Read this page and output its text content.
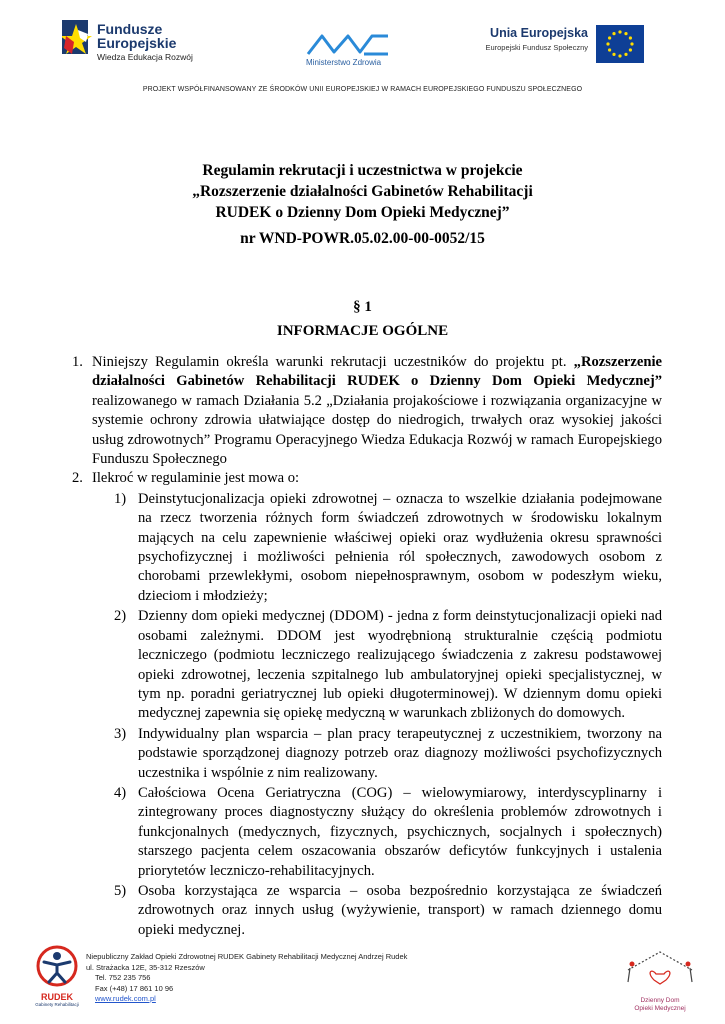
Fundusze
Europejskie
Wiedza Edukacja Rozwój
Ministerstwo Zdrowia
Unia Europejska
Europejski Fundusz Społeczny
PROJEKT WSPÓŁFINANSOWANY ZE ŚRODKÓW UNII EUROPEJSKIEJ W RAMACH EUROPEJSKIEGO FUNDUSZU SPOŁECZNEGO
Regulamin rekrutacji i uczestnictwa w projekcie
„Rozszerzenie działalności Gabinetów Rehabilitacji
RUDEK o Dzienny Dom Opieki Medycznej”
nr WND-POWR.05.02.00-00-0052/15
§ 1
INFORMACJE OGÓLNE
1. Niniejszy Regulamin określa warunki rekrutacji uczestników do projektu pt. „Rozszerzenie działalności Gabinetów Rehabilitacji RUDEK o Dzienny Dom Opieki Medycznej” realizowanego w ramach Działania 5.2 „Działania projakościowe i rozwiązania organizacyjne w systemie ochrony zdrowia ułatwiające dostęp do niedrogich, trwałych oraz wysokiej jakości usług zdrowotnych” Programu Operacyjnego Wiedza Edukacja Rozwój w ramach Europejskiego Funduszu Społecznego
2. Ilekroć w regulaminie jest mowa o:
1) Deinstytucjonalizacja opieki zdrowotnej – oznacza to wszelkie działania podejmowane na rzecz tworzenia różnych form świadczeń zdrowotnych w środowisku lokalnym mających na celu zapewnienie właściwej opieki oraz wydłużenia okresu sprawności psychofizycznej i możliwości pełnienia ról społecznych, zawodowych osobom z chorobami przewlekłymi, osobom niepełnosprawnym, osobom w podeszłym wieku, dzieciom i młodzieży;
2) Dzienny dom opieki medycznej (DDOM) - jedna z form deinstytucjonalizacji opieki nad osobami zależnymi. DDOM jest wyodrębnioną strukturalnie częścią podmiotu leczniczego (podmiotu leczniczego realizującego świadczenia z zakresu podstawowej opieki zdrowotnej, leczenia szpitalnego lub ambulatoryjnej opieki specjalistycznej, w tym np. poradni geriatrycznej lub opieki długoterminowej). W dziennym domu opieki medycznej zapewnia się opiekę medyczną w warunkach zbliżonych do domowych.
3) Indywidualny plan wsparcia – plan pracy terapeutycznej z uczestnikiem, tworzony na podstawie sporządzonej diagnozy potrzeb oraz diagnozy możliwości psychofizycznych uczestnika i wspólnie z nim realizowany.
4) Całościowa Ocena Geriatryczna (COG) – wielowymiarowy, interdyscyplinarny i zintegrowany proces diagnostyczny służący do określenia problemów zdrowotnych i funkcjonalnych (medycznych, fizycznych, psychicznych, socjalnych i społecznych) starszego pacjenta celem oszacowania obszarów deficytów funkcyjnych i ustalenia priorytetów leczniczo-rehabilitacyjnych.
5) Osoba korzystająca ze wsparcia – osoba bezpośrednio korzystająca ze świadczeń zdrowotnych oraz innych usług (wyżywienie, transport) w ramach dziennego domu opieki medycznej.
RUDEK
Gabinety Rehabilitacji
Niepubliczny Zakład Opieki Zdrowotnej RUDEK Gabinety Rehabilitacji Medycznej Andrzej Rudek
ul. Strażacka 12E, 35-312 Rzeszów
Tel. 752 235 756
Fax (+48) 17 861 10 96
www.rudek.com.pl	Dzienny Dom
Opieki Medycznej
